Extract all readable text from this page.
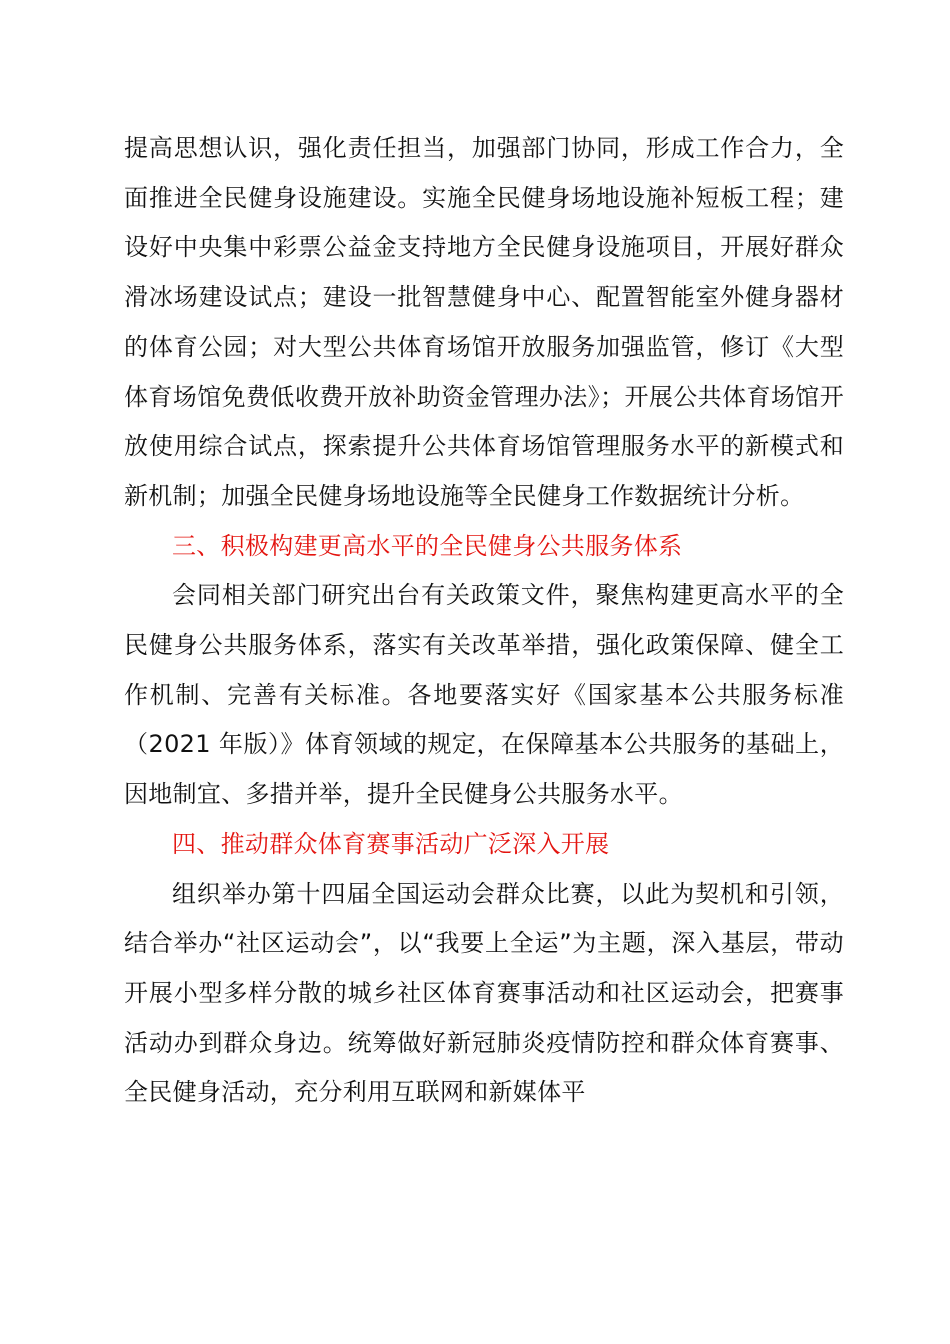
提高思想认识，强化责任担当，加强部门协同，形成工作合力，全面推进全民健身设施建设。实施全民健身场地设施补短板工程；建设好中央集中彩票公益金支持地方全民健身设施项目，开展好群众滑冰场建设试点；建设一批智慧健身中心、配置智能室外健身器材的体育公园；对大型公共体育场馆开放服务加强监管，修订《大型体育场馆免费低收费开放补助资金管理办法》；开展公共体育场馆开放使用综合试点，探索提升公共体育场馆管理服务水平的新模式和新机制；加强全民健身场地设施等全民健身工作数据统计分析。

三、积极构建更高水平的全民健身公共服务体系

会同相关部门研究出台有关政策文件，聚焦构建更高水平的全民健身公共服务体系，落实有关改革举措，强化政策保障、健全工作机制、完善有关标准。各地要落实好《国家基本公共服务标准（2021 年版）》体育领域的规定，在保障基本公共服务的基础上，因地制宜、多措并举，提升全民健身公共服务水平。

四、推动群众体育赛事活动广泛深入开展

组织举办第十四届全国运动会群众比赛，以此为契机和引领，结合举办“社区运动会”，以“我要上全运”为主题，深入基层，带动开展小型多样分散的城乡社区体育赛事活动和社区运动会，把赛事活动办到群众身边。统筹做好新冠肺炎疫情防控和群众体育赛事、全民健身活动，充分利用互联网和新媒体平
